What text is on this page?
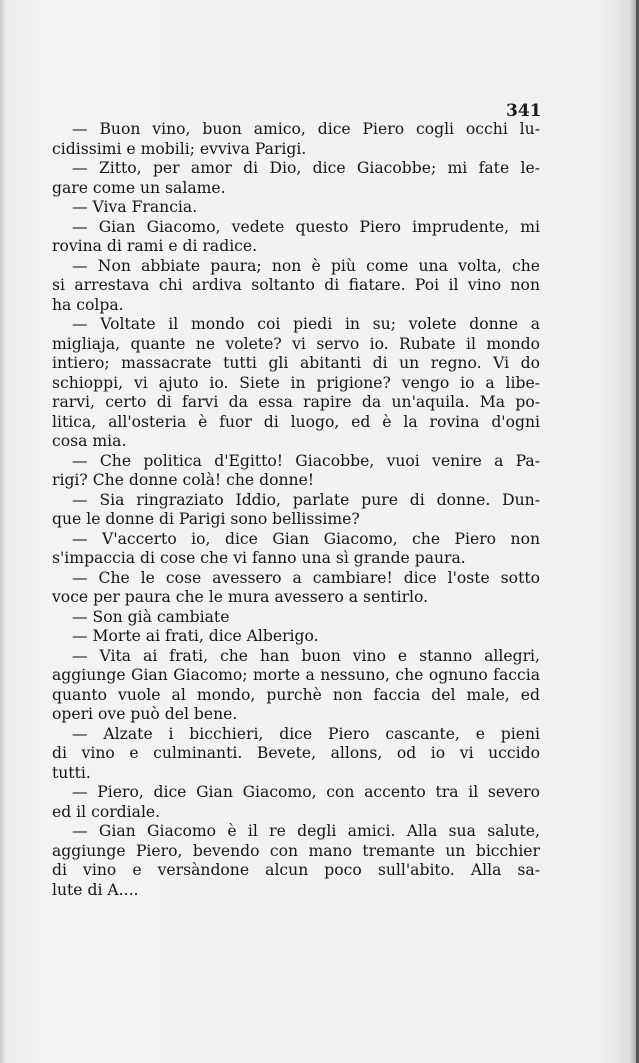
341
— Buon vino, buon amico, dice Piero cogli occhi lu-
cidissimi e mobili; evviva Parigi.
— Zitto, per amor di Dio, dice Giacobbe; mi fate le-
gare come un salame.
— Viva Francia.
— Gian Giacomo, vedete questo Piero imprudente, mi
rovina di rami e di radice.
— Non abbiate paura; non è più come una volta, che
si arrestava chi ardiva soltanto di fiatare. Poi il vino non
ha colpa.
— Voltate il mondo coi piedi in su; volete donne a
migliaja, quante ne volete? vi servo io. Rubate il mondo
intiero; massacrate tutti gli abitanti di un regno. Vi do
schioppi, vi ajuto io. Siete in prigione? vengo io a libe-
rarvi, certo di farvi da essa rapire da un'aquila. Ma po-
litica, all'osteria è fuor di luogo, ed è la rovina d'ogni
cosa mia.
— Che politica d'Egitto! Giacobbe, vuoi venire a Pa-
rigi? Che donne colà! che donne!
— Sia ringraziato Iddio, parlate pure di donne. Dun-
que le donne di Parigi sono bellissime?
— V'accerto io, dice Gian Giacomo, che Piero non
s'impaccia di cose che vi fanno una sì grande paura.
— Che le cose avessero a cambiare! dice l'oste sotto
voce per paura che le mura avessero a sentirlo.
— Son già cambiate
— Morte ai frati, dice Alberigo.
— Vita ai frati, che han buon vino e stanno allegri,
aggiunge Gian Giacomo; morte a nessuno, che ognuno faccia
quanto vuole al mondo, purchè non faccia del male, ed
operi ove può del bene.
— Alzate i bicchieri, dice Piero cascante, e pieni
di vino e culminanti. Bevete, allons, od io vi uccido
tutti.
— Piero, dice Gian Giacomo, con accento tra il severo
ed il cordiale.
— Gian Giacomo è il re degli amici. Alla sua salute,
aggiunge Piero, bevendo con mano tremante un bicchier
di vino e versàndone alcun poco sull'abito. Alla sa-
lute di A....
